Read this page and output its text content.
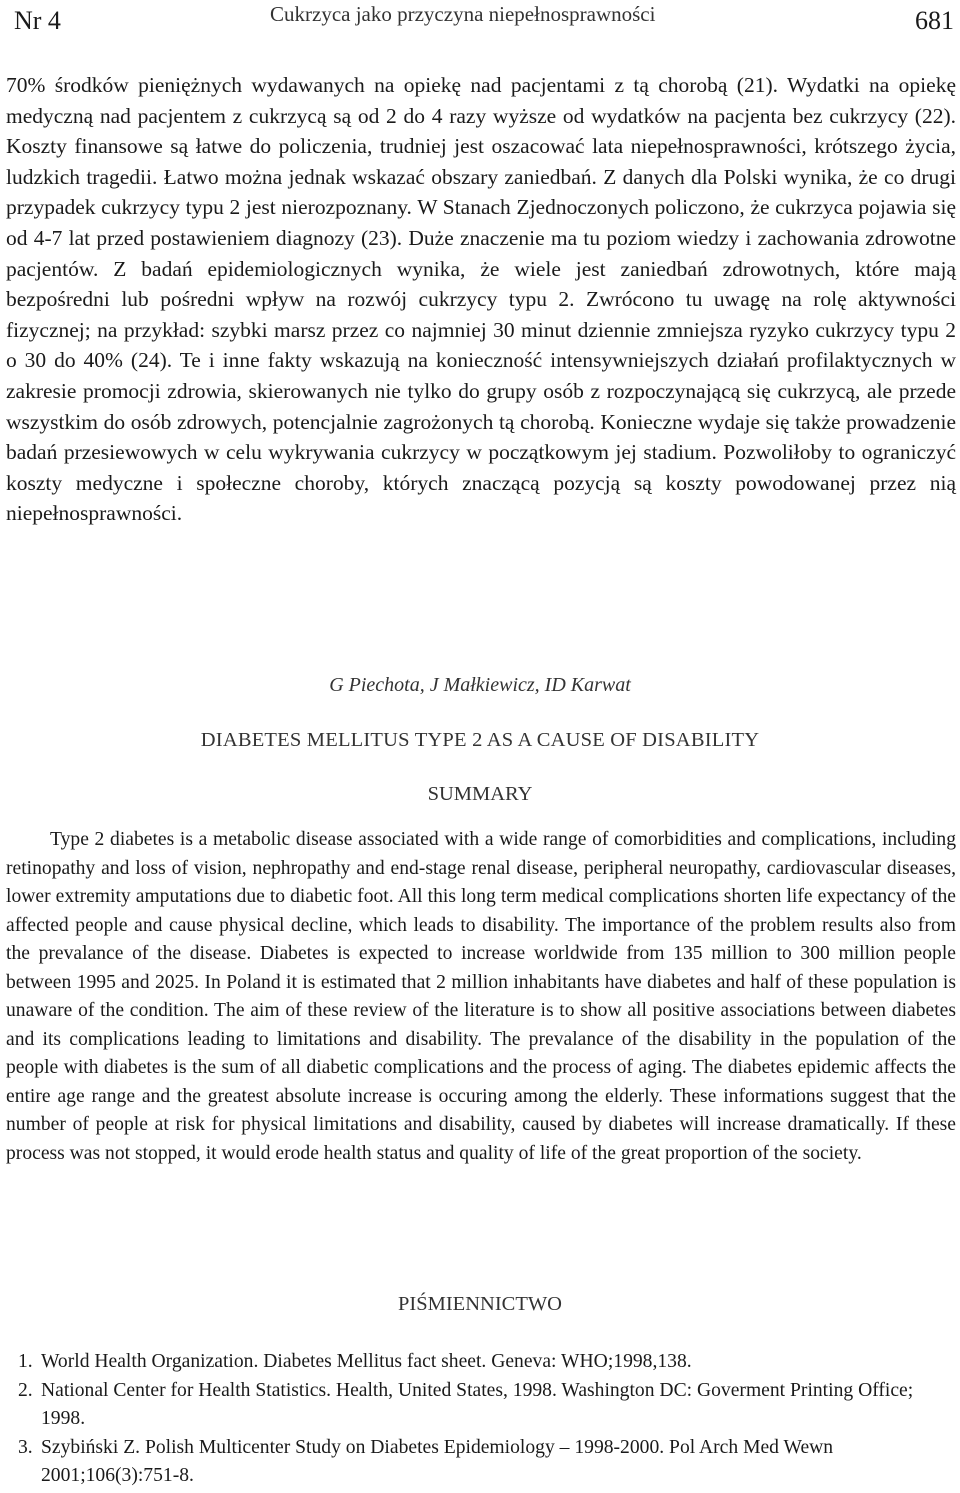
Nr 4	Cukrzyca jako przyczyna niepełnosprawności	681

70% środków pieniężnych wydawanych na opiekę nad pacjentami z tą chorobą (21). Wydatki na opiekę medyczną nad pacjentem z cukrzycą są od 2 do 4 razy wyższe od wydatków na pacjenta bez cukrzycy (22). Koszty finansowe są łatwe do policzenia, trudniej jest oszacować lata niepełnosprawności, krótszego życia, ludzkich tragedii. Łatwo można jednak wskazać obszary zaniedbań. Z danych dla Polski wynika, że co drugi przypadek cukrzycy typu 2 jest nierozpoznany. W Stanach Zjednoczonych policzono, że cukrzyca pojawia się od 4-7 lat przed postawieniem diagnozy (23). Duże znaczenie ma tu poziom wiedzy i zachowania zdrowotne pacjentów. Z badań epidemiologicznych wynika, że wiele jest zaniedbań zdrowotnych, które mają bezpośredni lub pośredni wpływ na rozwój cukrzycy typu 2. Zwrócono tu uwagę na rolę aktywności fizycznej; na przykład: szybki marsz przez co najmniej 30 minut dziennie zmniejsza ryzyko cukrzycy typu 2 o 30 do 40% (24). Te i inne fakty wskazują na konieczność intensywniejszych działań profilaktycznych w zakresie promocji zdrowia, skierowanych nie tylko do grupy osób z rozpoczynającą się cukrzycą, ale przede wszystkim do osób zdrowych, potencjalnie zagrożonych tą chorobą. Konieczne wydaje się także prowadzenie badań przesiewowych w celu wykrywania cukrzycy w początkowym jej stadium. Pozwoliłoby to ograniczyć koszty medyczne i społeczne choroby, których znaczącą pozycją są koszty powodowanej przez nią niepełnosprawności.

G Piechota, J Małkiewicz, ID Karwat
DIABETES MELLITUS TYPE 2 AS A CAUSE OF DISABILITY
SUMMARY

Type 2 diabetes is a metabolic disease associated with a wide range of comorbidities and complications, including retinopathy and loss of vision, nephropathy and end-stage renal disease, peripheral neuropathy, cardiovascular diseases, lower extremity amputations due to diabetic foot. All this long term medical complications shorten life expectancy of the affected people and cause physical decline, which leads to disability. The importance of the problem results also from the prevalance of the disease. Diabetes is expected to increase worldwide from 135 million to 300 million people between 1995 and 2025. In Poland it is estimated that 2 million inhabitants have diabetes and half of these population is unaware of the condition. The aim of these review of the literature is to show all positive associations between diabetes and its complications leading to limitations and disability. The prevalance of the disability in the population of the people with diabetes is the sum of all diabetic complications and the process of aging. The diabetes epidemic affects the entire age range and the greatest absolute increase is occuring among the elderly. These informations suggest that the number of people at risk for physical limitations and disability, caused by diabetes will increase dramatically. If these process was not stopped, it would erode health status and quality of life of the great proportion of the society.

PIŚMIENNICTWO
1. World Health Organization. Diabetes Mellitus fact sheet. Geneva: WHO;1998,138.
2. National Center for Health Statistics. Health, United States, 1998. Washington DC: Goverment Printing Office; 1998.
3. Szybiński Z. Polish Multicenter Study on Diabetes Epidemiology – 1998-2000. Pol Arch Med Wewn 2001;106(3):751-8.
